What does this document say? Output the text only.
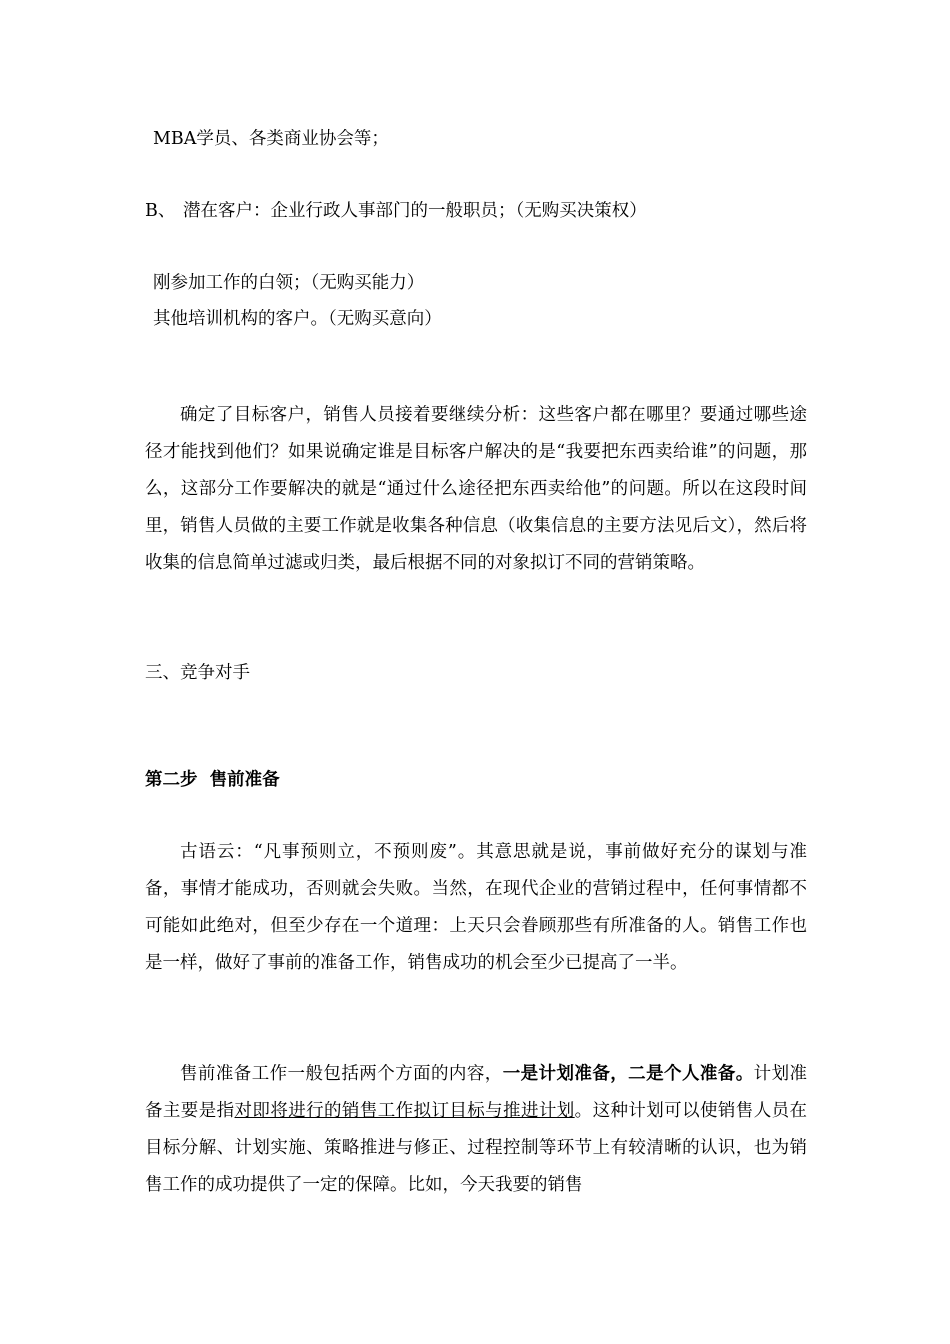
MBA学员、各类商业协会等；
B、 潜在客户：企业行政人事部门的一般职员；（无购买决策权）
刚参加工作的白领；（无购买能力）
其他培训机构的客户。（无购买意向）
确定了目标客户，销售人员接着要继续分析：这些客户都在哪里？要通过哪些途径才能找到他们？如果说确定谁是目标客户解决的是“我要把东西卖给谁”的问题，那么，这部分工作要解决的就是“通过什么途径把东西卖给他”的问题。所以在这段时间里，销售人员做的主要工作就是收集各种信息（收集信息的主要方法见后文），然后将收集的信息简单过滤或归类，最后根据不同的对象拟订不同的营销策略。
三、竞争对手
第二步  售前准备
古语云：“凡事预则立，不预则废”。其意思就是说，事前做好充分的谋划与准备，事情才能成功，否则就会失败。当然，在现代企业的营销过程中，任何事情都不可能如此绝对，但至少存在一个道理：上天只会眷顾那些有所准备的人。销售工作也是一样，做好了事前的准备工作，销售成功的机会至少已提高了一半。
售前准备工作一般包括两个方面的内容，一是计划准备，二是个人准备。计划准备主要是指对即将进行的销售工作拟订目标与推进计划。这种计划可以使销售人员在目标分解、计划实施、策略推进与修正、过程控制等环节上有较清晰的认识，也为销售工作的成功提供了一定的保障。比如，今天我要的销售
